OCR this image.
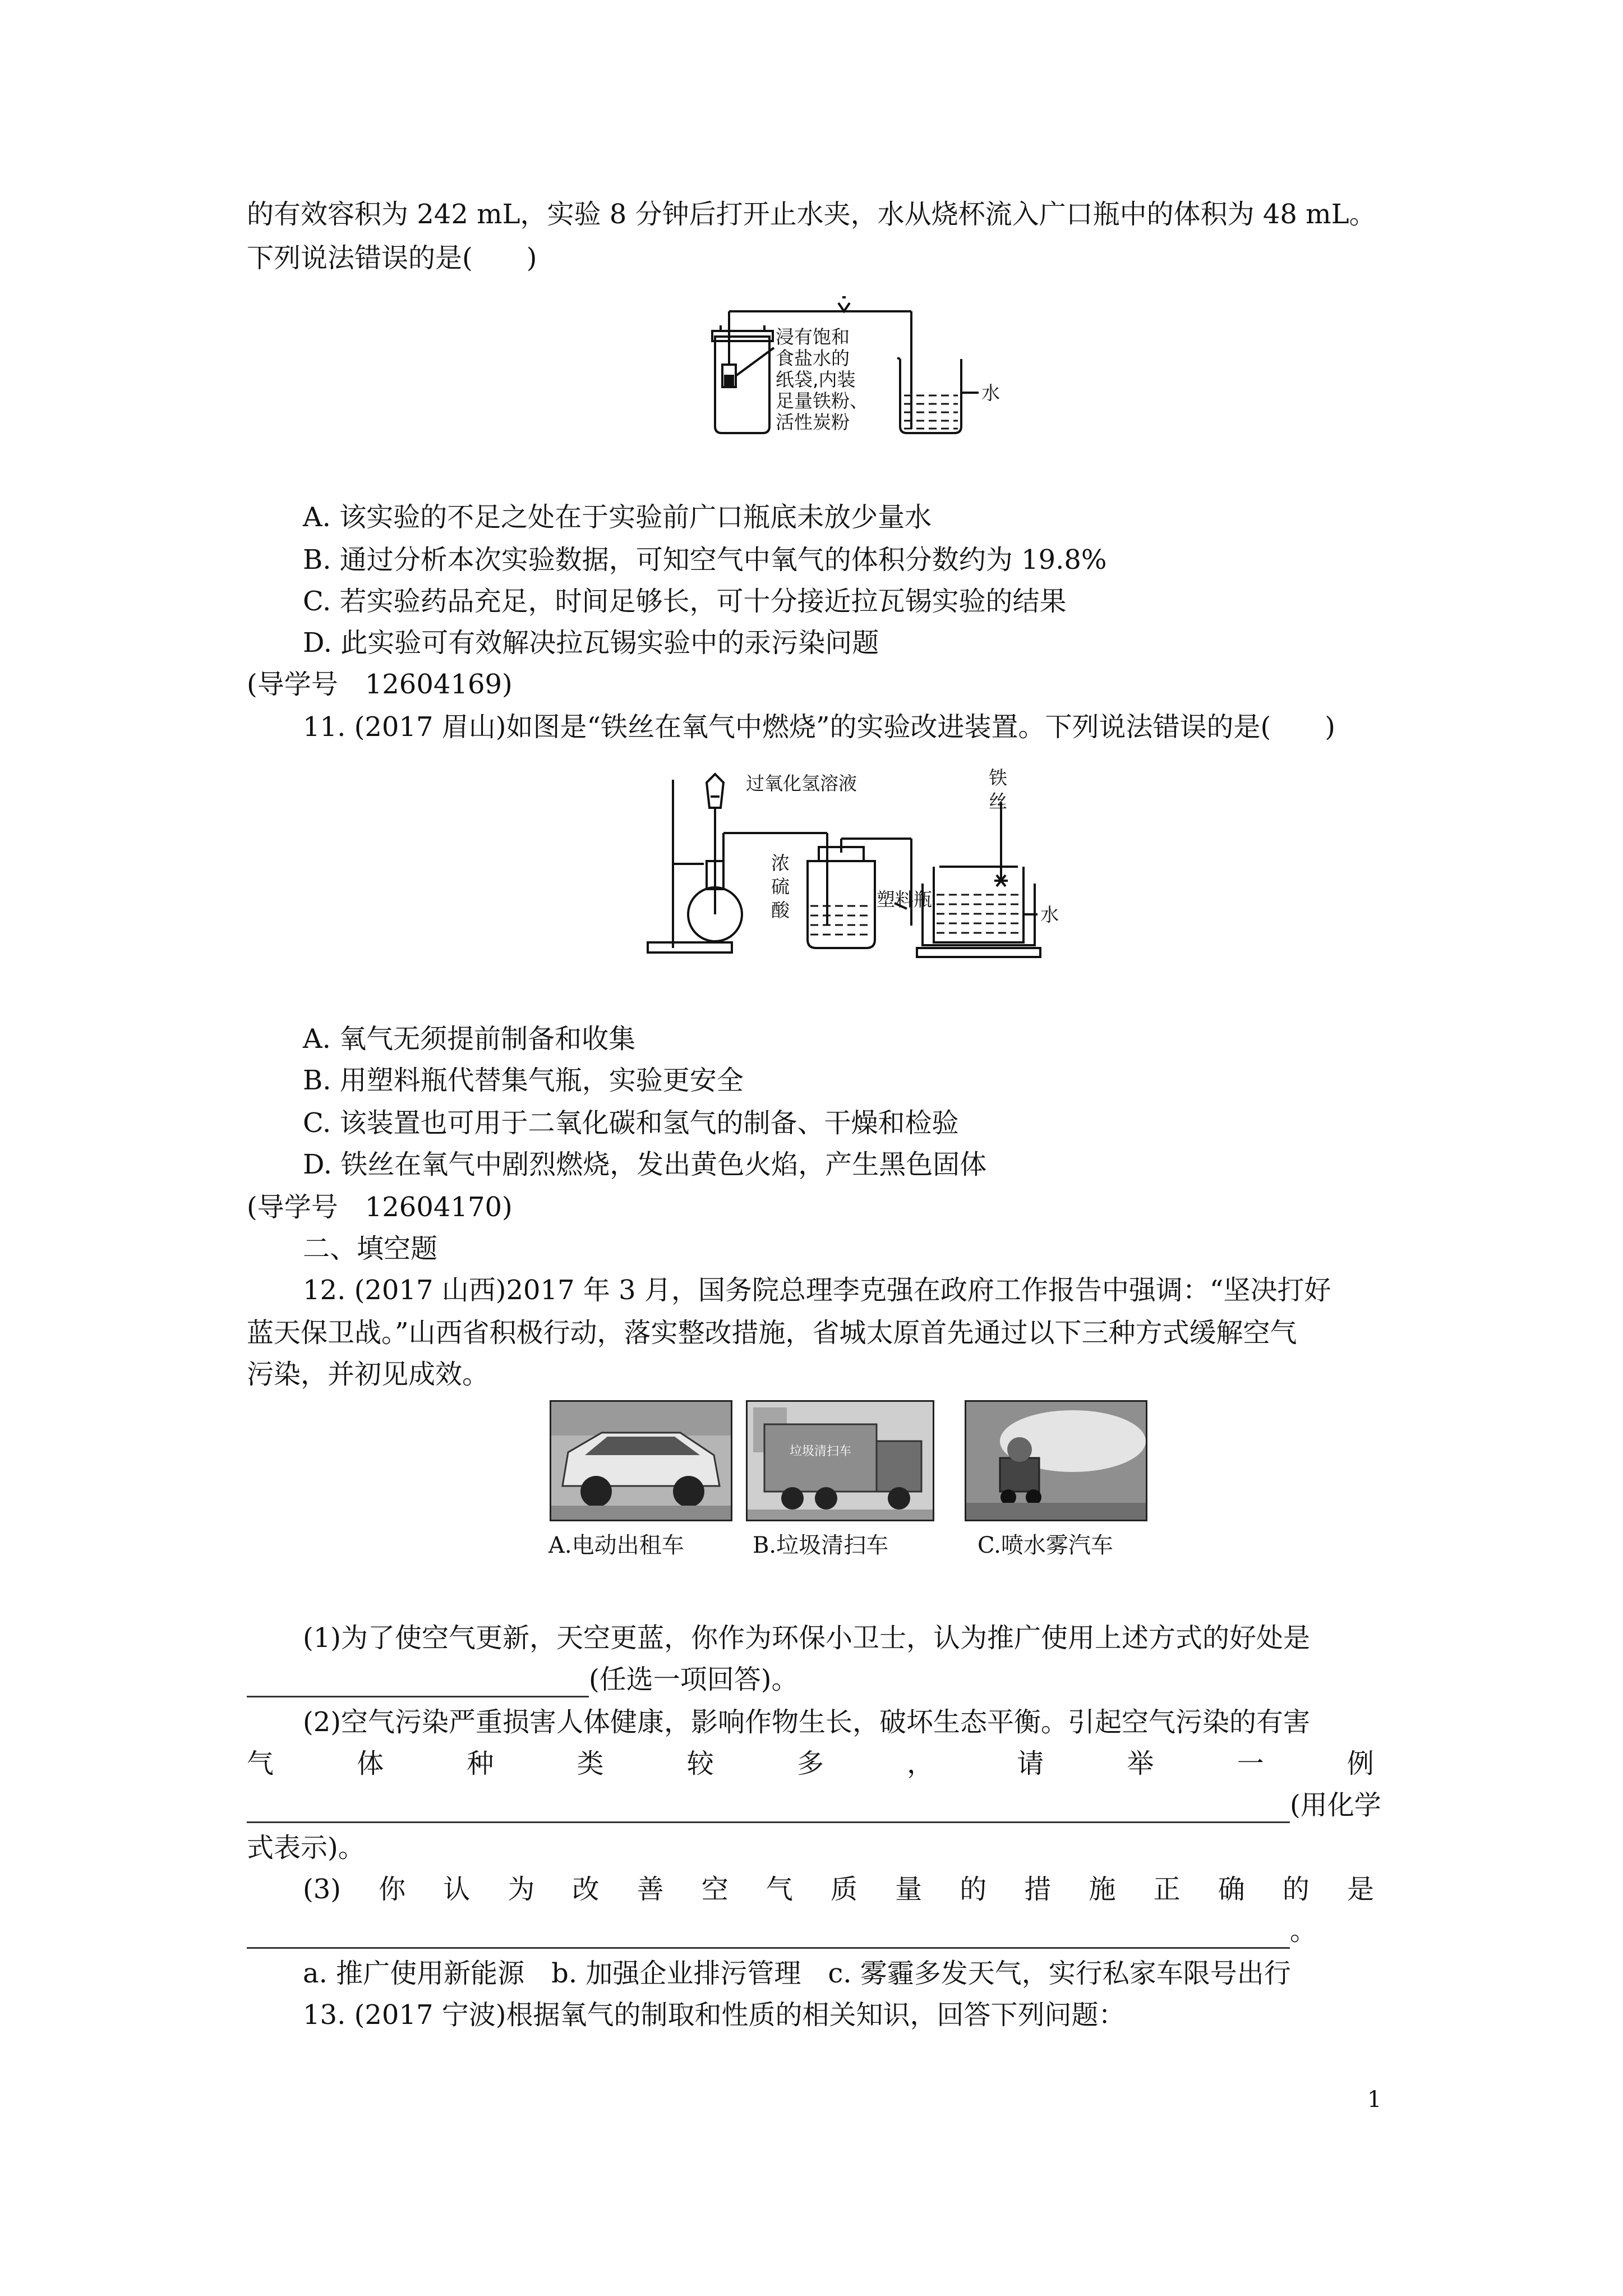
的有效容积为 242 mL，实验 8 分钟后打开止水夹，水从烧杯流入广口瓶中的体积为 48 mL。
下列说法错误的是(　　)
浸有饱和
食盐水的
纸袋,内装
足量铁粉、
活性炭粉
水
A. 该实验的不足之处在于实验前广口瓶底未放少量水
B. 通过分析本次实验数据，可知空气中氧气的体积分数约为 19.8%
C. 若实验药品充足，时间足够长，可十分接近拉瓦锡实验的结果
D. 此实验可有效解决拉瓦锡实验中的汞污染问题
(导学号　12604169)
11. (2017 眉山)如图是“铁丝在氧气中燃烧”的实验改进装置。下列说法错误的是(　　)
过氧化氢溶液
浓
硫
酸
铁
丝
塑料瓶
水
A. 氧气无须提前制备和收集
B. 用塑料瓶代替集气瓶，实验更安全
C. 该装置也可用于二氧化碳和氢气的制备、干燥和检验
D. 铁丝在氧气中剧烈燃烧，发出黄色火焰，产生黑色固体
(导学号　12604170)
二、填空题
12. (2017 山西)2017 年 3 月，国务院总理李克强在政府工作报告中强调：“坚决打好
蓝天保卫战。”山西省积极行动，落实整改措施，省城太原首先通过以下三种方式缓解空气
污染，并初见成效。
垃圾清扫车
A.电动出租车	B.垃圾清扫车	C.喷水雾汽车
(1)为了使空气更新，天空更蓝，你作为环保小卫士，认为推广使用上述方式的好处是
(任选一项回答)。
(2)空气污染严重损害人体健康，影响作物生长，破坏生态平衡。引起空气污染的有害
气	体	种	类	较	多	，	请	举	一	例
(用化学
式表示)。
(3) 你 认 为 改 善 空 气 质 量 的 措 施 正 确 的 是
。
a. 推广使用新能源　b. 加强企业排污管理　c. 雾霾多发天气，实行私家车限号出行
13. (2017 宁波)根据氧气的制取和性质的相关知识，回答下列问题：
1
